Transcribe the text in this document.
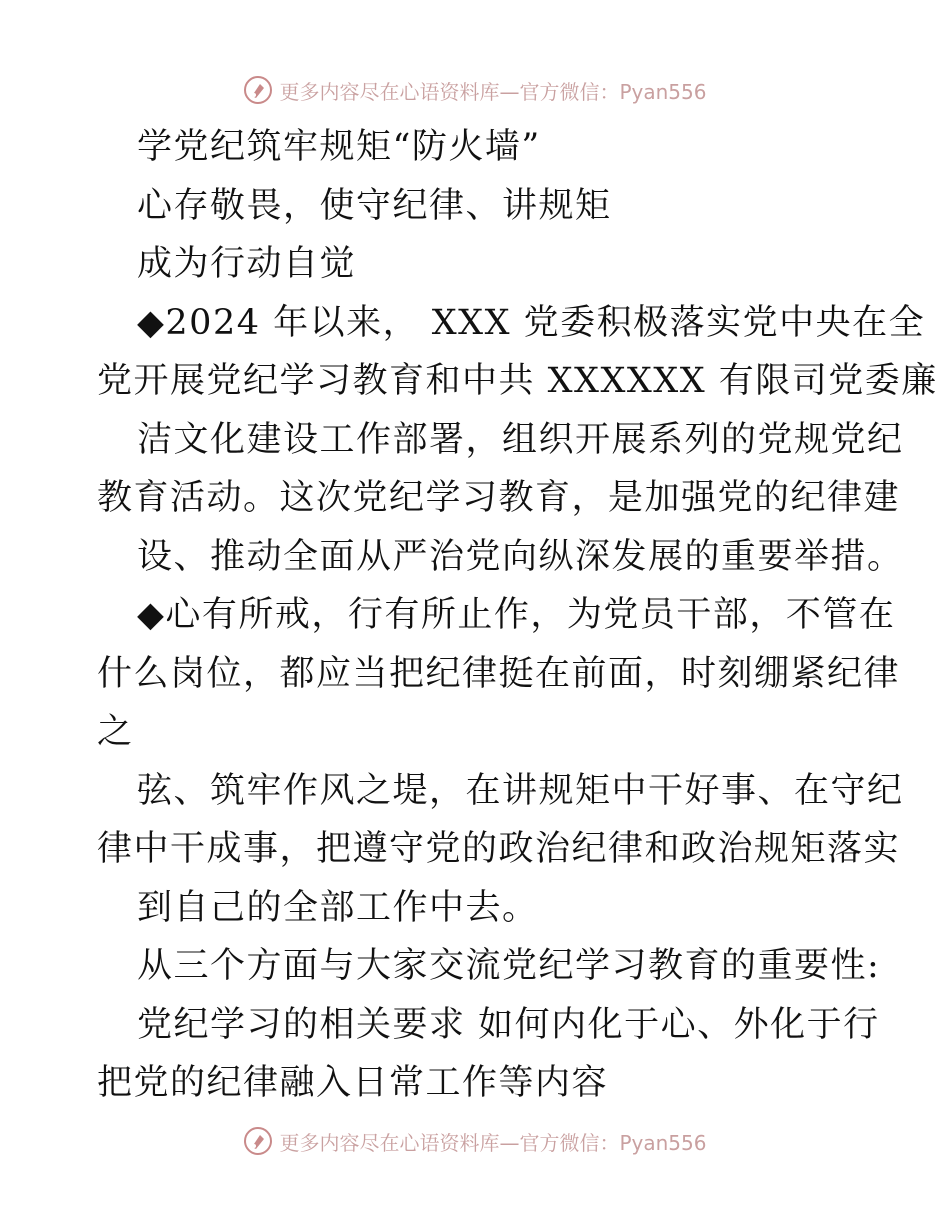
更多内容尽在心语资料库—官方微信：Pyan556
学党纪筑牢规矩“防火墙”
心存敬畏，使守纪律、讲规矩
成为行动自觉
◆2024 年以来， XXX 党委积极落实党中央在全
党开展党纪学习教育和中共 XXXXXX 有限司党委廉
洁文化建设工作部署，组织开展系列的党规党纪
教育活动。这次党纪学习教育，是加强党的纪律建
设、推动全面从严治党向纵深发展的重要举措。
◆心有所戒，行有所止作，为党员干部，不管在
什么岗位，都应当把纪律挺在前面，时刻绷紧纪律
之
弦、筑牢作风之堤，在讲规矩中干好事、在守纪
律中干成事，把遵守党的政治纪律和政治规矩落实
到自己的全部工作中去。
从三个方面与大家交流党纪学习教育的重要性:
党纪学习的相关要求 如何内化于心、外化于行
把党的纪律融入日常工作等内容
更多内容尽在心语资料库—官方微信：Pyan556
